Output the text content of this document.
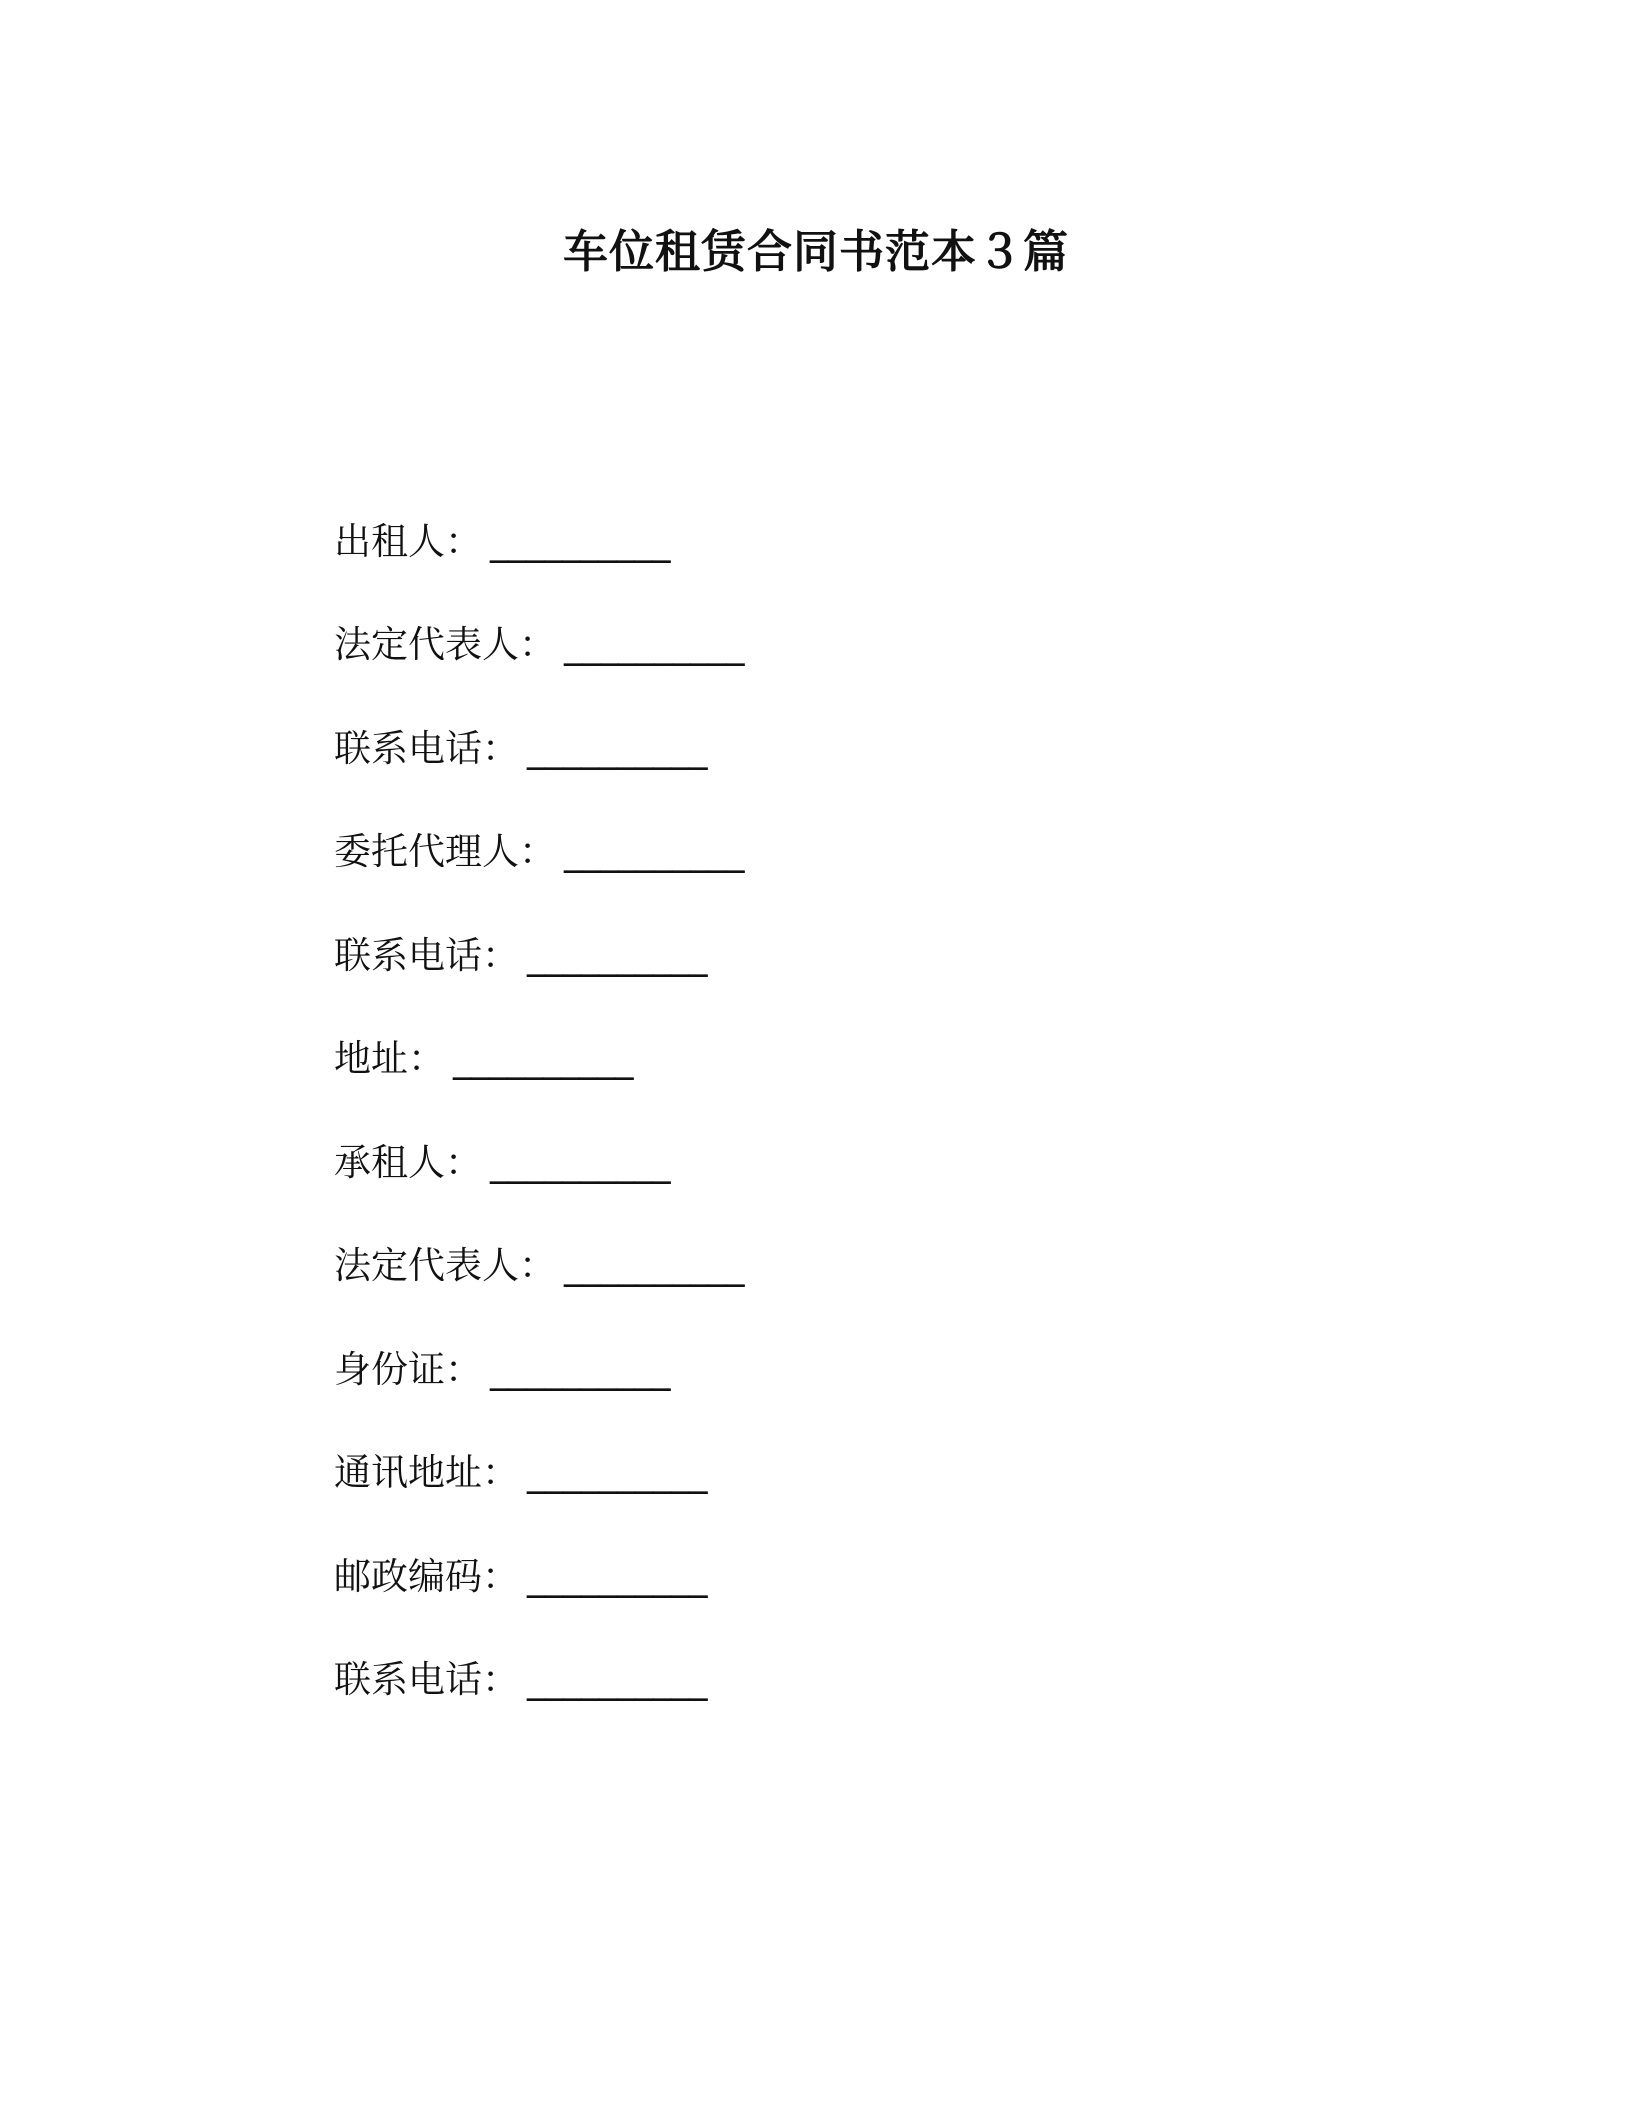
车位租赁合同书范本３篇
出租人： __________
法定代表人： __________
联系电话： __________
委托代理人： __________
联系电话： __________
地址： __________
承租人： __________
法定代表人： __________
身份证： __________
通讯地址： __________
邮政编码： __________
联系电话： __________
